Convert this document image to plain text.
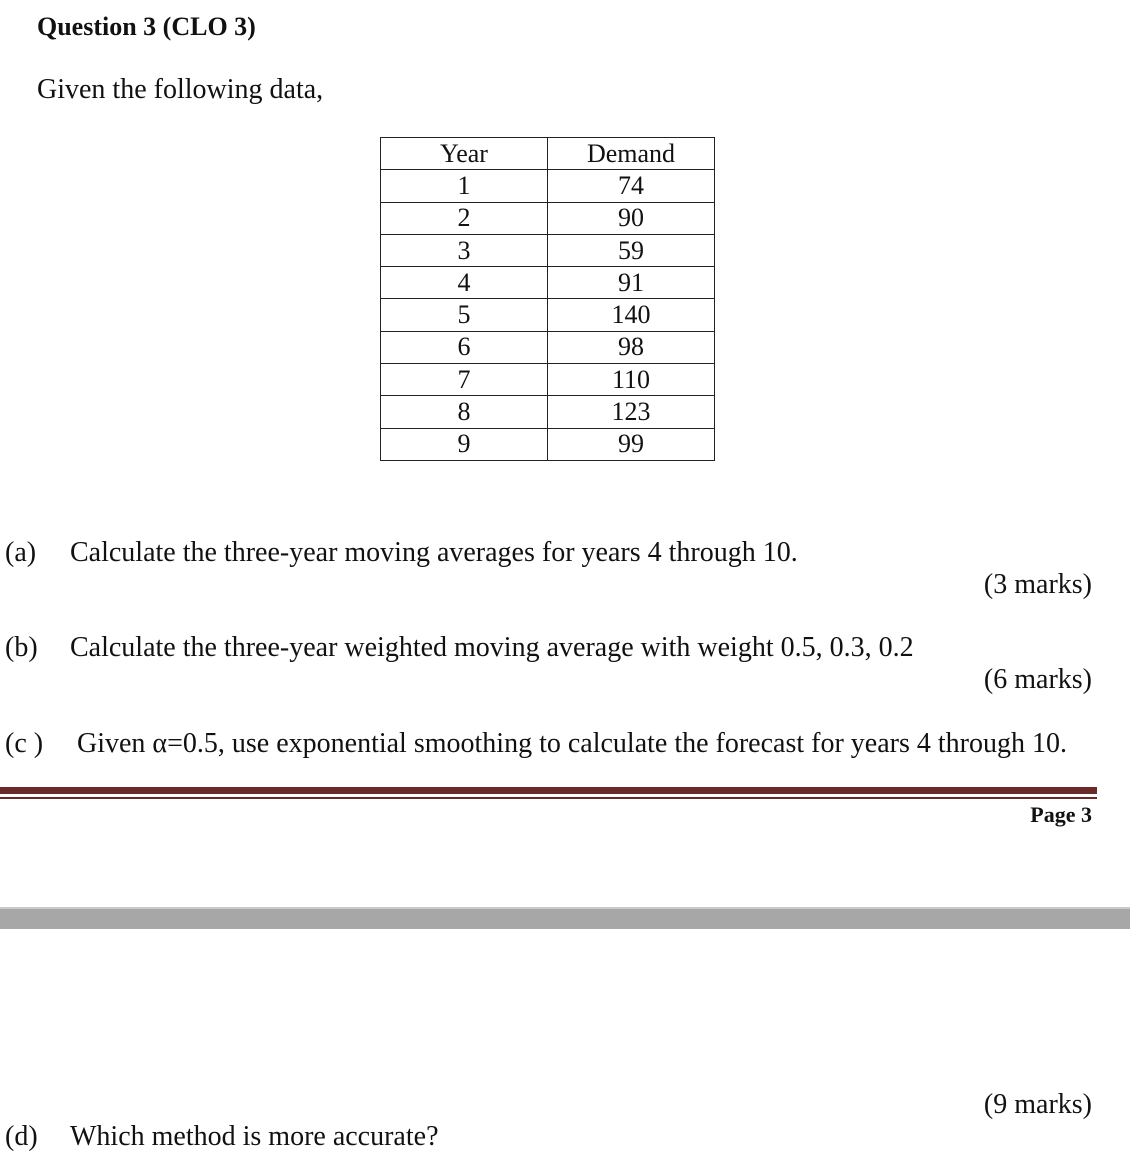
Question 3 (CLO 3)
Given the following data,
Year	Demand
1	74
2	90
3	59
4	91
5	140
6	98
7	110
8	123
9	99
(a) Calculate the three-year moving averages for years 4 through 10.
(3 marks)
(b) Calculate the three-year weighted moving average with weight 0.5, 0.3, 0.2
(6 marks)
(c ) Given α=0.5, use exponential smoothing to calculate the forecast for years 4 through 10.
Page 3
(9 marks)
(d) Which method is more accurate?
